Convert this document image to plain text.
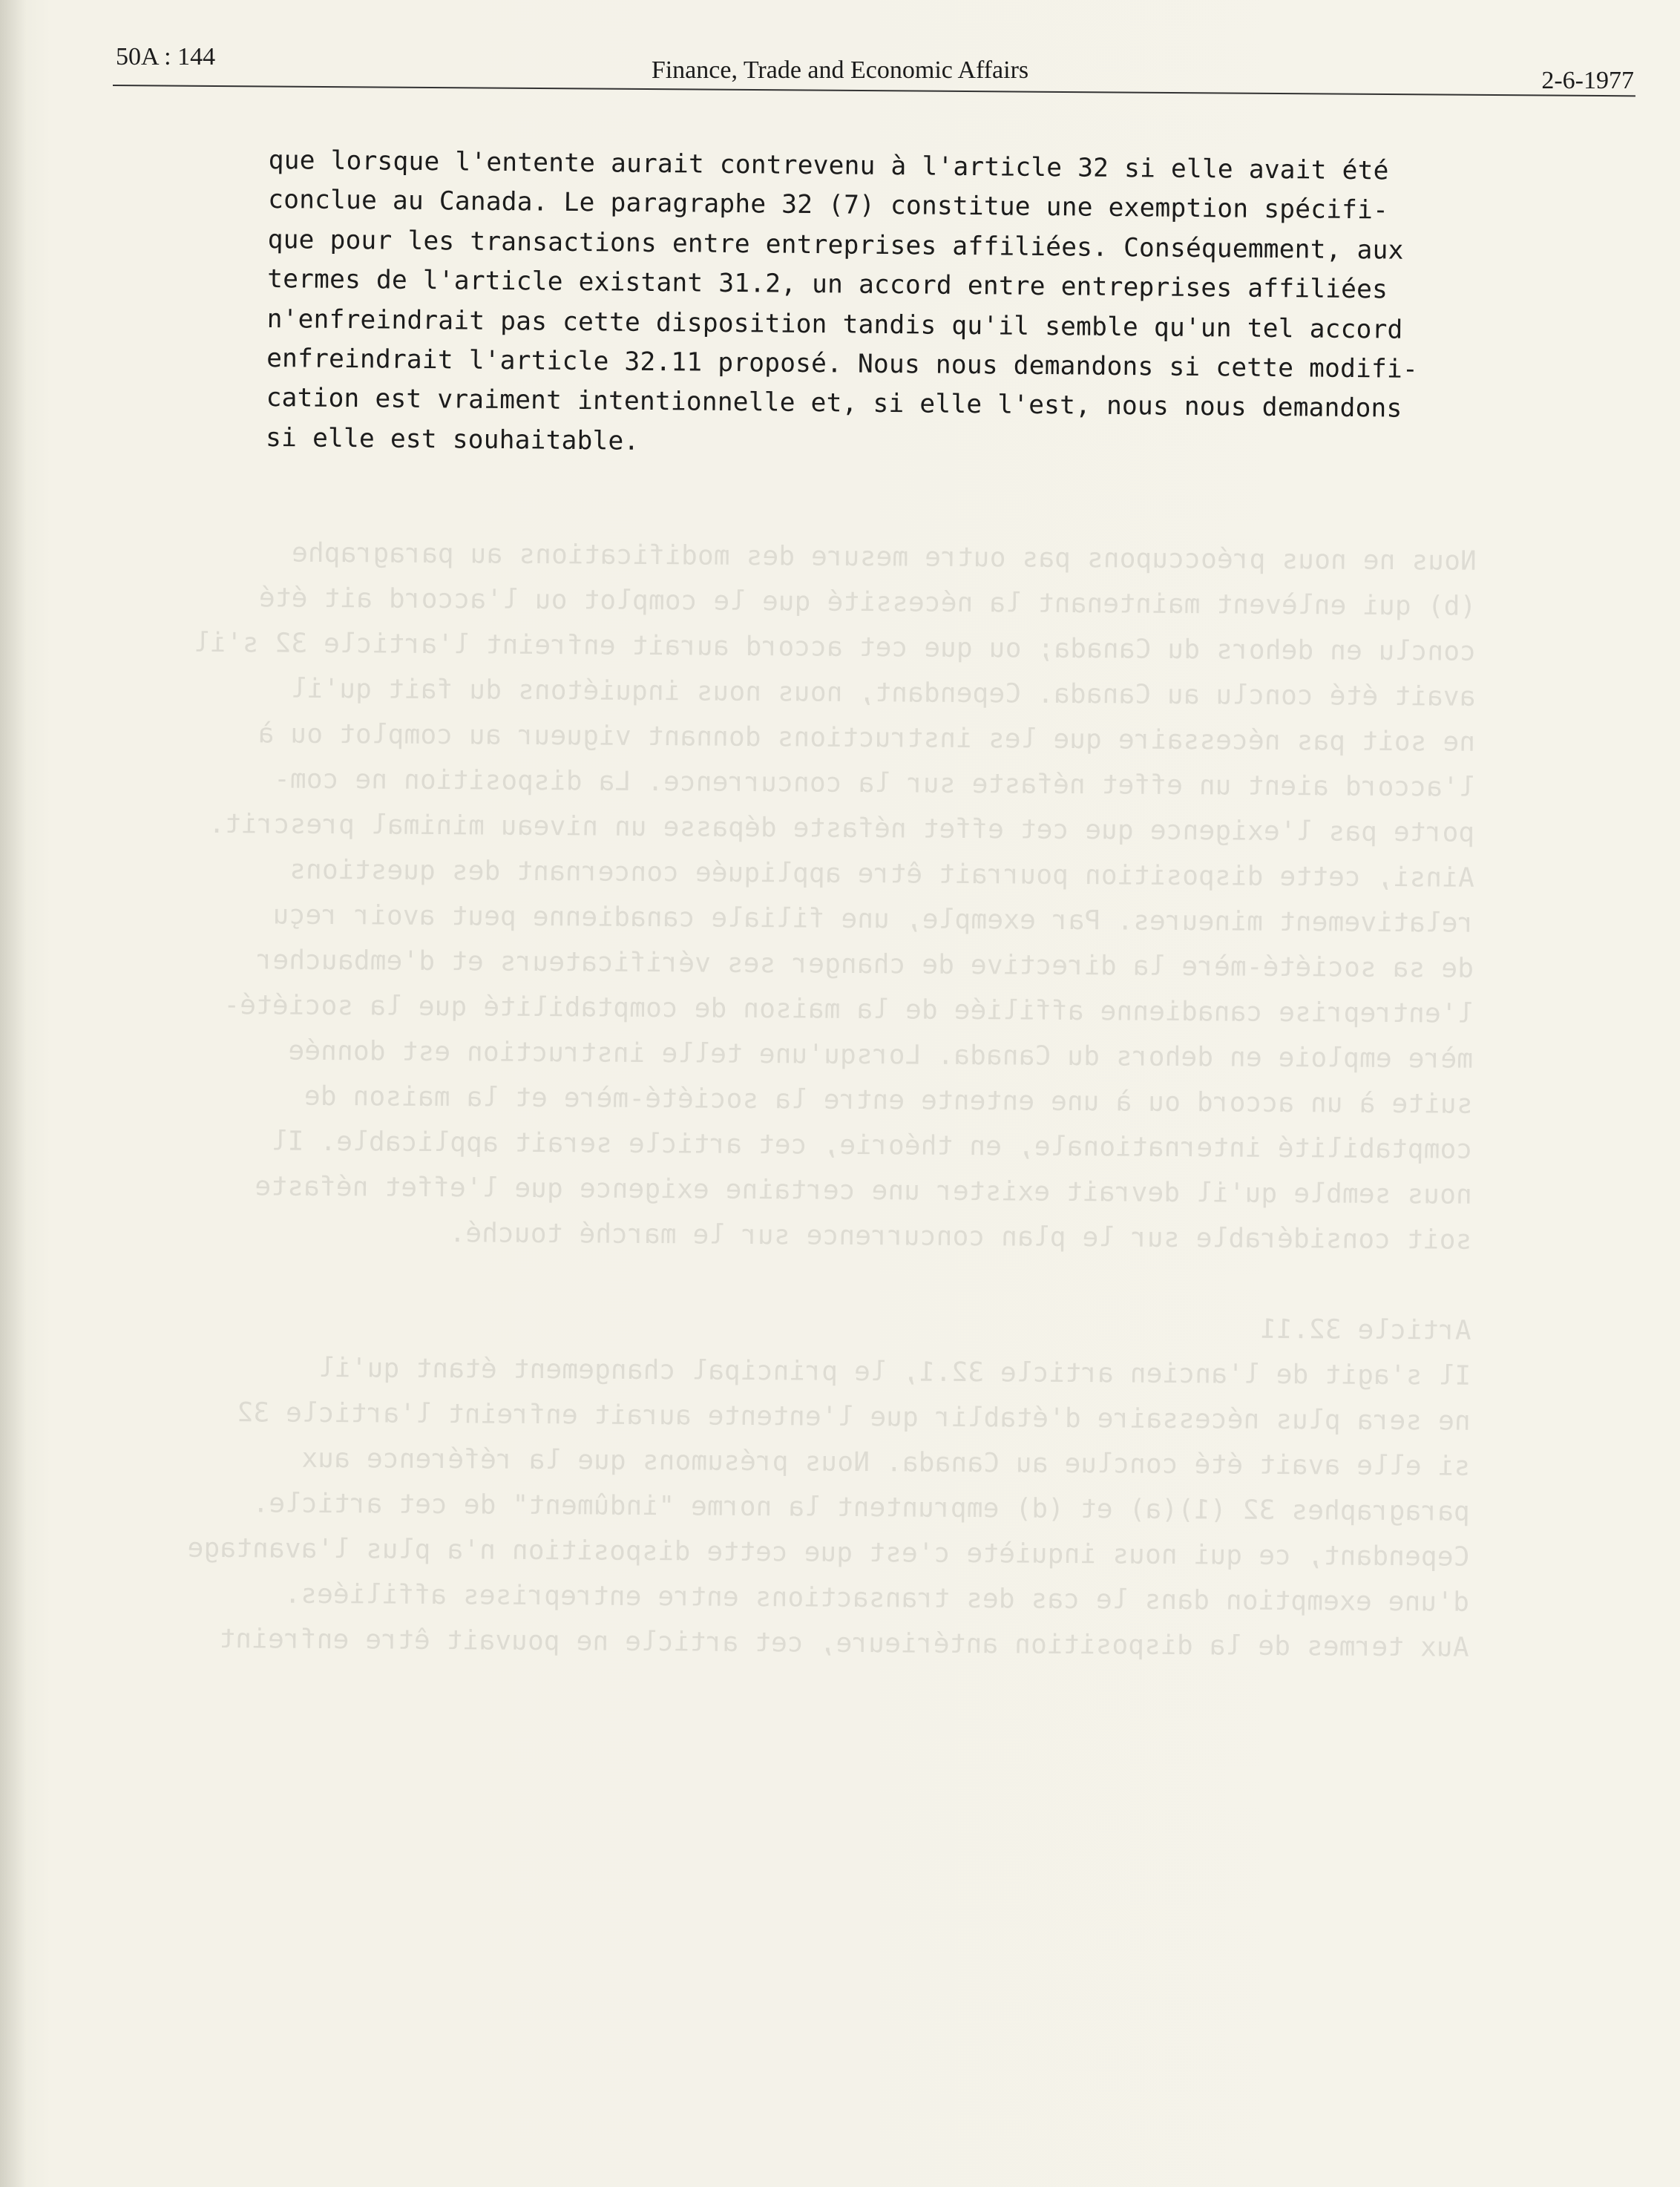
50A : 144	Finance, Trade and Economic Affairs	2-6-1977
Nous ne nous préoccupons pas outre mesure des modifications au paragraphe
(b) qui enlèvent maintenant la nécessité que le complot ou l'accord ait été
conclu en dehors du Canada; ou que cet accord aurait enfreint l'article 32 s'il
avait été conclu au Canada. Cependant, nous nous inquiétons du fait qu'il
ne soit pas nécessaire que les instructions donnant vigueur au complot ou à
l'accord aient un effet néfaste sur la concurrence. La disposition ne com-
porte pas l'exigence que cet effet néfaste dépasse un niveau minimal prescrit.
Ainsi, cette disposition pourrait être appliquée concernant des questions
relativement mineures. Par exemple, une filiale canadienne peut avoir reçu
de sa société-mère la directive de changer ses vérificateurs et d'embaucher
l'entreprise canadienne affiliée de la maison de comptabilité que la société-
mère emploie en dehors du Canada. Lorsqu'une telle instruction est donnée
suite à un accord ou à une entente entre la société-mère et la maison de
comptabilité internationale, en théorie, cet article serait applicable. Il
nous semble qu'il devrait exister une certaine exigence que l'effet néfaste
soit considérable sur le plan concurrence sur le marché touché.

Article 32.11
Il s'agit de l'ancien article 32.1, le principal changement étant qu'il
ne sera plus nécessaire d'établir que l'entente aurait enfreint l'article 32
si elle avait été conclue au Canada. Nous présumons que la référence aux
paragraphes 32 (1)(a) et (d) empruntent la norme "indûment" de cet article.
Cependant, ce qui nous inquiète c'est que cette disposition n'a plus l'avantage
d'une exemption dans le cas des transactions entre entreprises affiliées.
Aux termes de la disposition antérieure, cet article ne pouvait être enfreint
que lorsque l'entente aurait contrevenu à l'article 32 si elle avait été
conclue au Canada. Le paragraphe 32 (7) constitue une exemption spécifi-
que pour les transactions entre entreprises affiliées. Conséquemment, aux
termes de l'article existant 31.2, un accord entre entreprises affiliées
n'enfreindrait pas cette disposition tandis qu'il semble qu'un tel accord
enfreindrait l'article 32.11 proposé. Nous nous demandons si cette modifi-
cation est vraiment intentionnelle et, si elle l'est, nous nous demandons
si elle est souhaitable.
